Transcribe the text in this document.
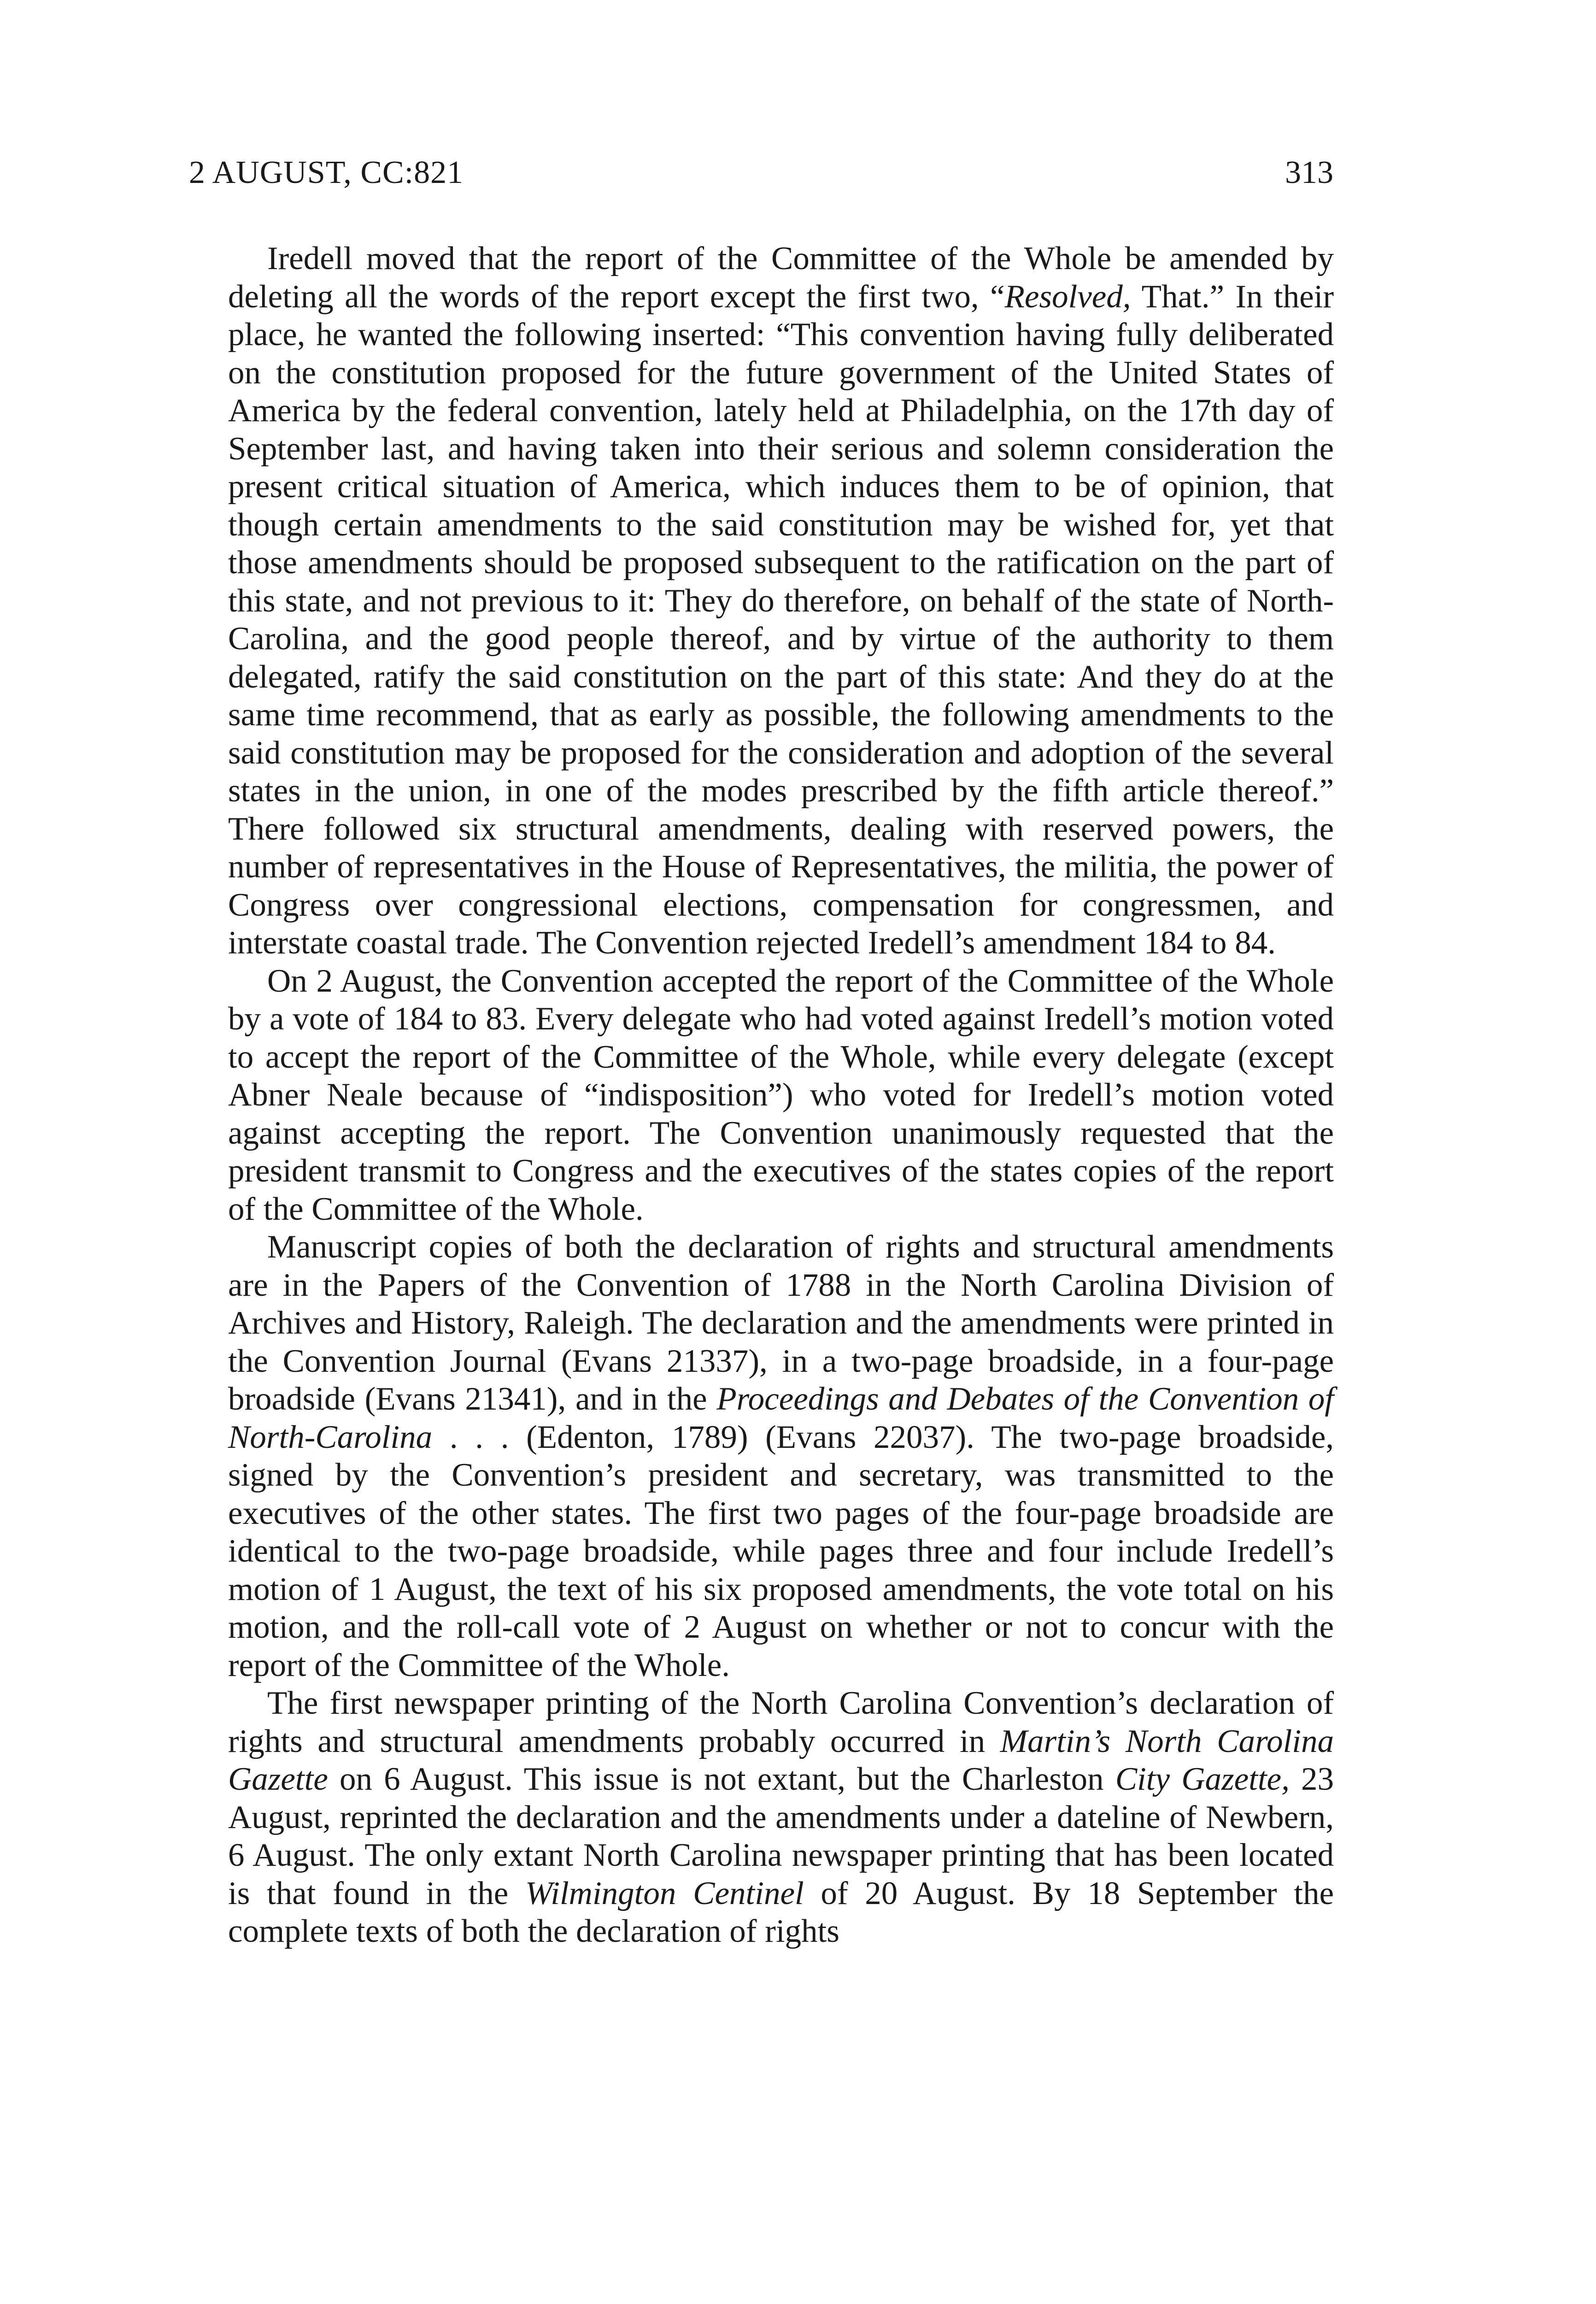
2 AUGUST, CC:821	313

Iredell moved that the report of the Committee of the Whole be amended by deleting all the words of the report except the first two, “Resolved, That.” In their place, he wanted the following inserted: “This convention having fully deliberated on the constitution proposed for the future government of the United States of America by the federal convention, lately held at Philadelphia, on the 17th day of September last, and having taken into their serious and solemn consideration the present critical situation of America, which induces them to be of opinion, that though certain amendments to the said constitution may be wished for, yet that those amendments should be proposed subsequent to the ratification on the part of this state, and not previous to it: They do therefore, on behalf of the state of North-Carolina, and the good people thereof, and by virtue of the authority to them delegated, ratify the said constitution on the part of this state: And they do at the same time recommend, that as early as possible, the following amendments to the said constitution may be proposed for the consideration and adoption of the several states in the union, in one of the modes prescribed by the fifth article thereof.” There followed six structural amendments, dealing with reserved powers, the number of representatives in the House of Representatives, the militia, the power of Congress over congressional elections, compensation for congressmen, and interstate coastal trade. The Convention rejected Iredell’s amendment 184 to 84.

On 2 August, the Convention accepted the report of the Committee of the Whole by a vote of 184 to 83. Every delegate who had voted against Iredell’s motion voted to accept the report of the Committee of the Whole, while every delegate (except Abner Neale because of “indisposition”) who voted for Iredell’s motion voted against accepting the report. The Convention unanimously requested that the president transmit to Congress and the executives of the states copies of the report of the Committee of the Whole.

Manuscript copies of both the declaration of rights and structural amendments are in the Papers of the Convention of 1788 in the North Carolina Division of Archives and History, Raleigh. The declaration and the amendments were printed in the Convention Journal (Evans 21337), in a two-page broadside, in a four-page broadside (Evans 21341), and in the Proceedings and Debates of the Convention of North-Carolina . . . (Edenton, 1789) (Evans 22037). The two-page broadside, signed by the Convention’s president and secretary, was transmitted to the executives of the other states. The first two pages of the four-page broadside are identical to the two-page broadside, while pages three and four include Iredell’s motion of 1 August, the text of his six proposed amendments, the vote total on his motion, and the roll-call vote of 2 August on whether or not to concur with the report of the Committee of the Whole.

The first newspaper printing of the North Carolina Convention’s declaration of rights and structural amendments probably occurred in Martin’s North Carolina Gazette on 6 August. This issue is not extant, but the Charleston City Gazette, 23 August, reprinted the declaration and the amendments under a dateline of Newbern, 6 August. The only extant North Carolina newspaper printing that has been located is that found in the Wilmington Centinel of 20 August. By 18 September the complete texts of both the declaration of rights
